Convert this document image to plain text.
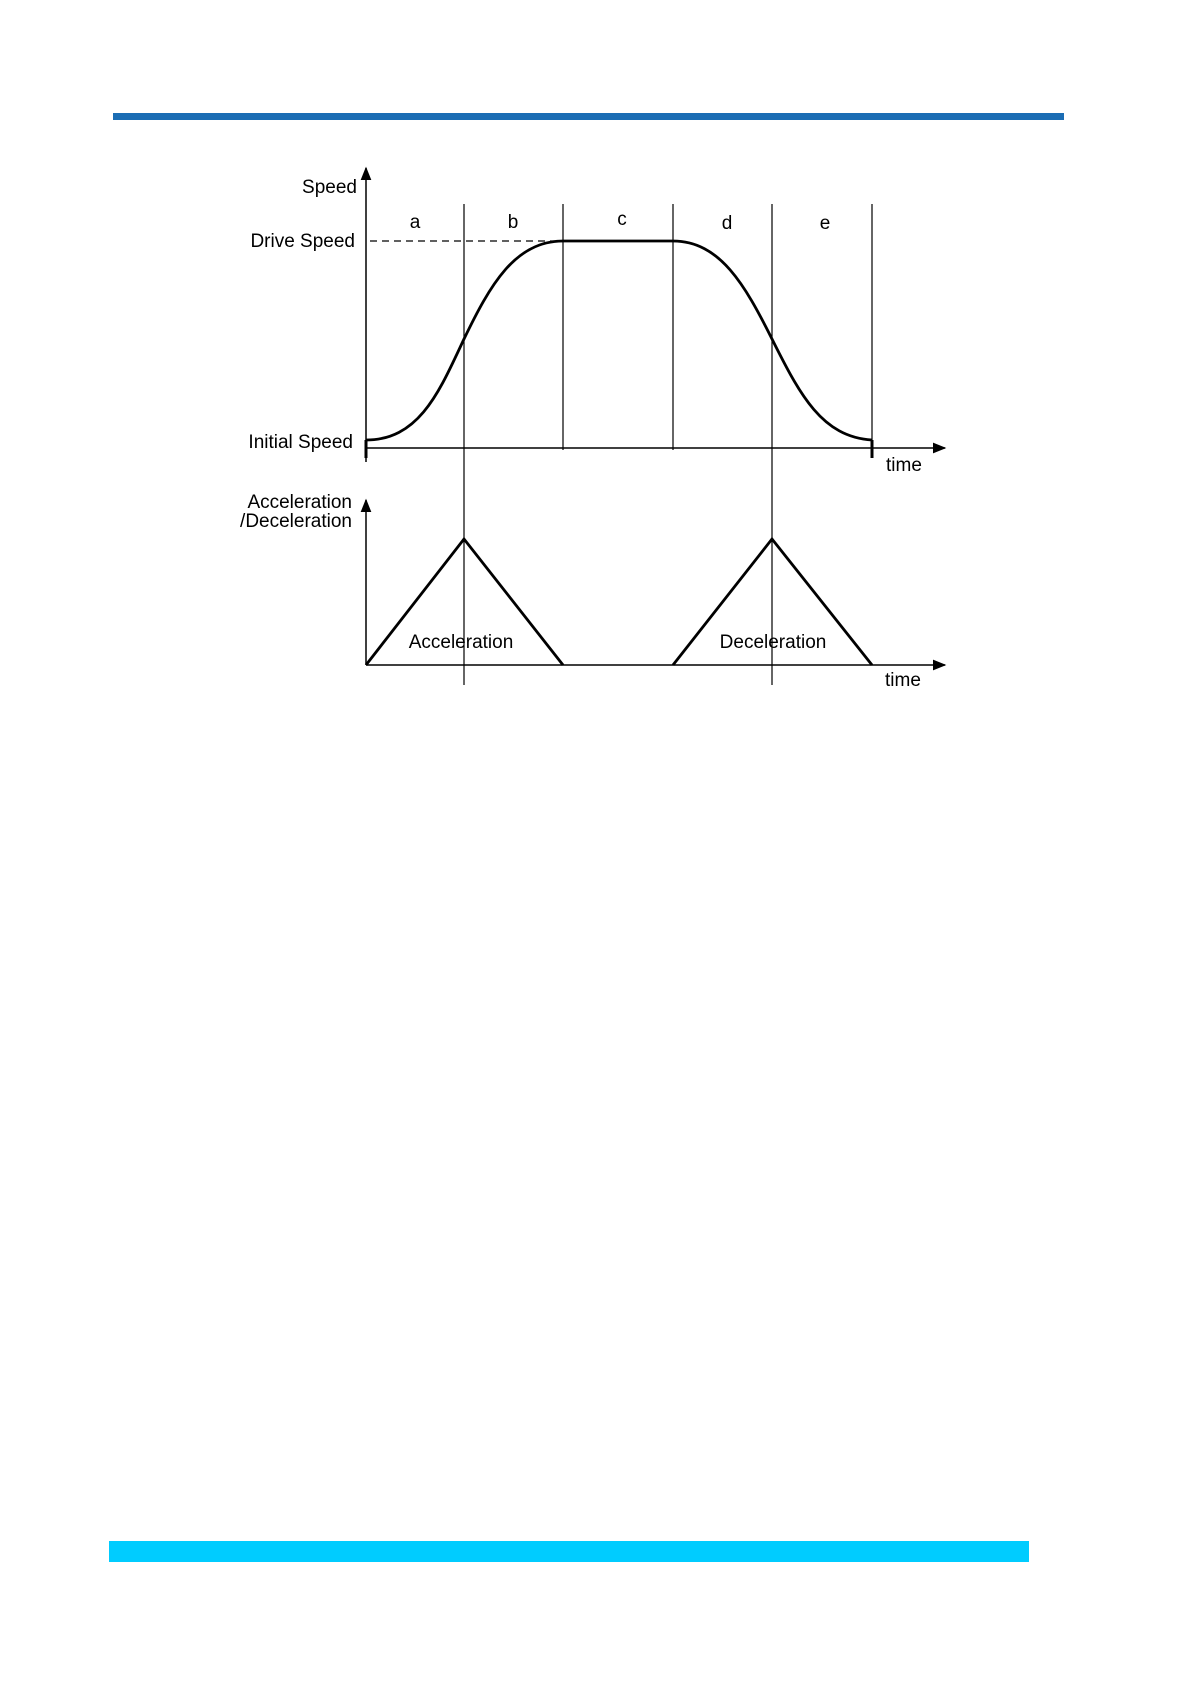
Speed
Drive Speed
Initial Speed
time
a	b	c	d	e
Acceleration
/Deceleration
Acceleration	Deceleration
time
